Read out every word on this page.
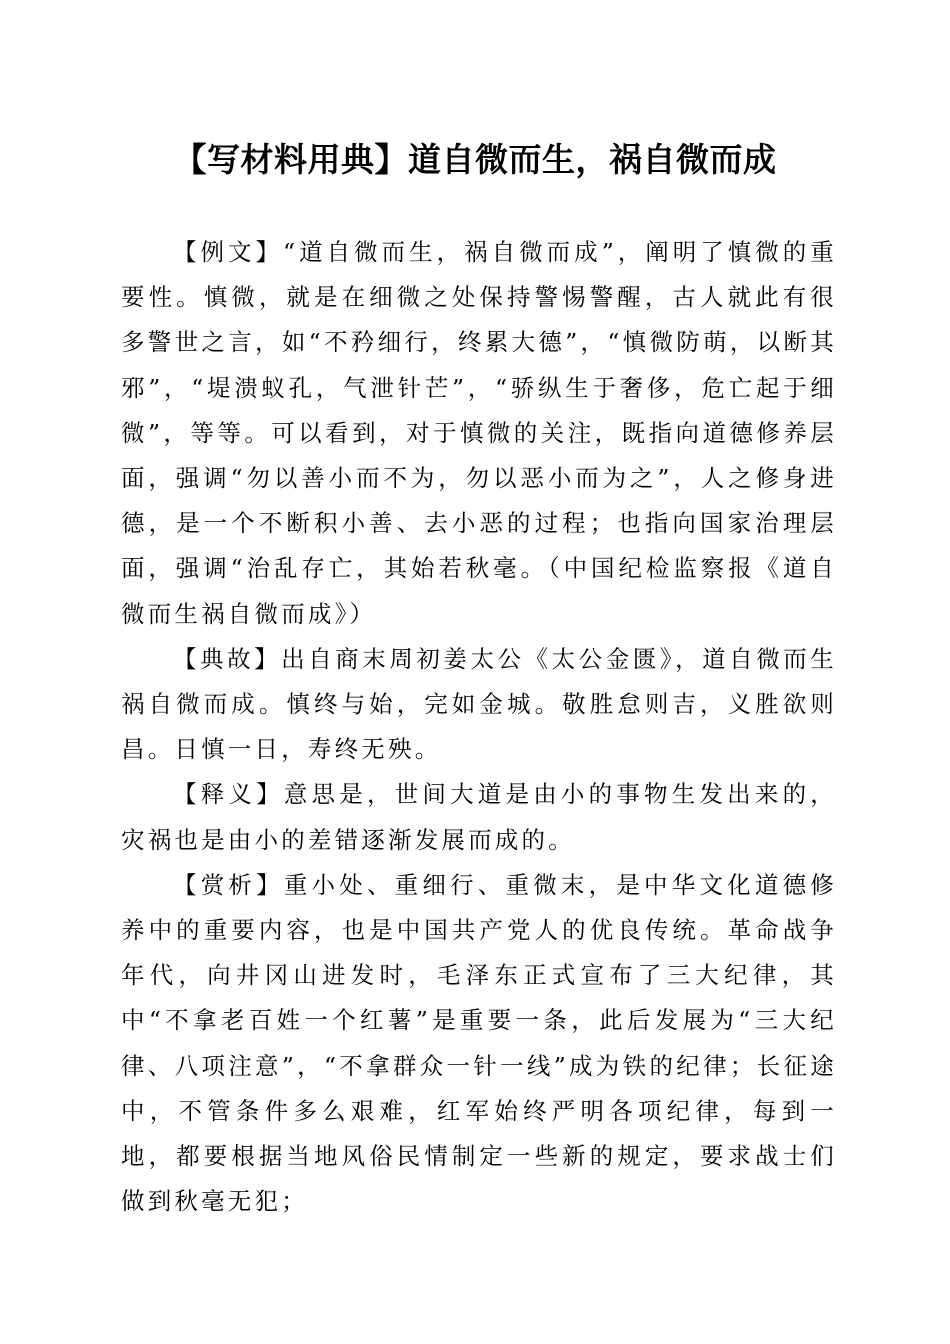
【写材料用典】道自微而生，祸自微而成

【例文】“道自微而生，祸自微而成”，阐明了慎微的重要性。慎微，就是在细微之处保持警惕警醒，古人就此有很多警世之言，如“不矜细行，终累大德”，“慎微防萌，以断其邪”，“堤溃蚁孔，气泄针芒”，“骄纵生于奢侈，危亡起于细微”，等等。可以看到，对于慎微的关注，既指向道德修养层面，强调“勿以善小而不为，勿以恶小而为之”，人之修身进德，是一个不断积小善、去小恶的过程；也指向国家治理层面，强调“治乱存亡，其始若秋毫。（中国纪检监察报《道自微而生祸自微而成》）

【典故】出自商末周初姜太公《太公金匮》，道自微而生祸自微而成。慎终与始，完如金城。敬胜怠则吉，义胜欲则昌。日慎一日，寿终无殃。

【释义】意思是，世间大道是由小的事物生发出来的，灾祸也是由小的差错逐渐发展而成的。

【赏析】重小处、重细行、重微末，是中华文化道德修养中的重要内容，也是中国共产党人的优良传统。革命战争年代，向井冈山进发时，毛泽东正式宣布了三大纪律，其中“不拿老百姓一个红薯”是重要一条，此后发展为“三大纪律、八项注意”，“不拿群众一针一线”成为铁的纪律；长征途中，不管条件多么艰难，红军始终严明各项纪律，每到一地，都要根据当地风俗民情制定一些新的规定，要求战士们做到秋毫无犯；
